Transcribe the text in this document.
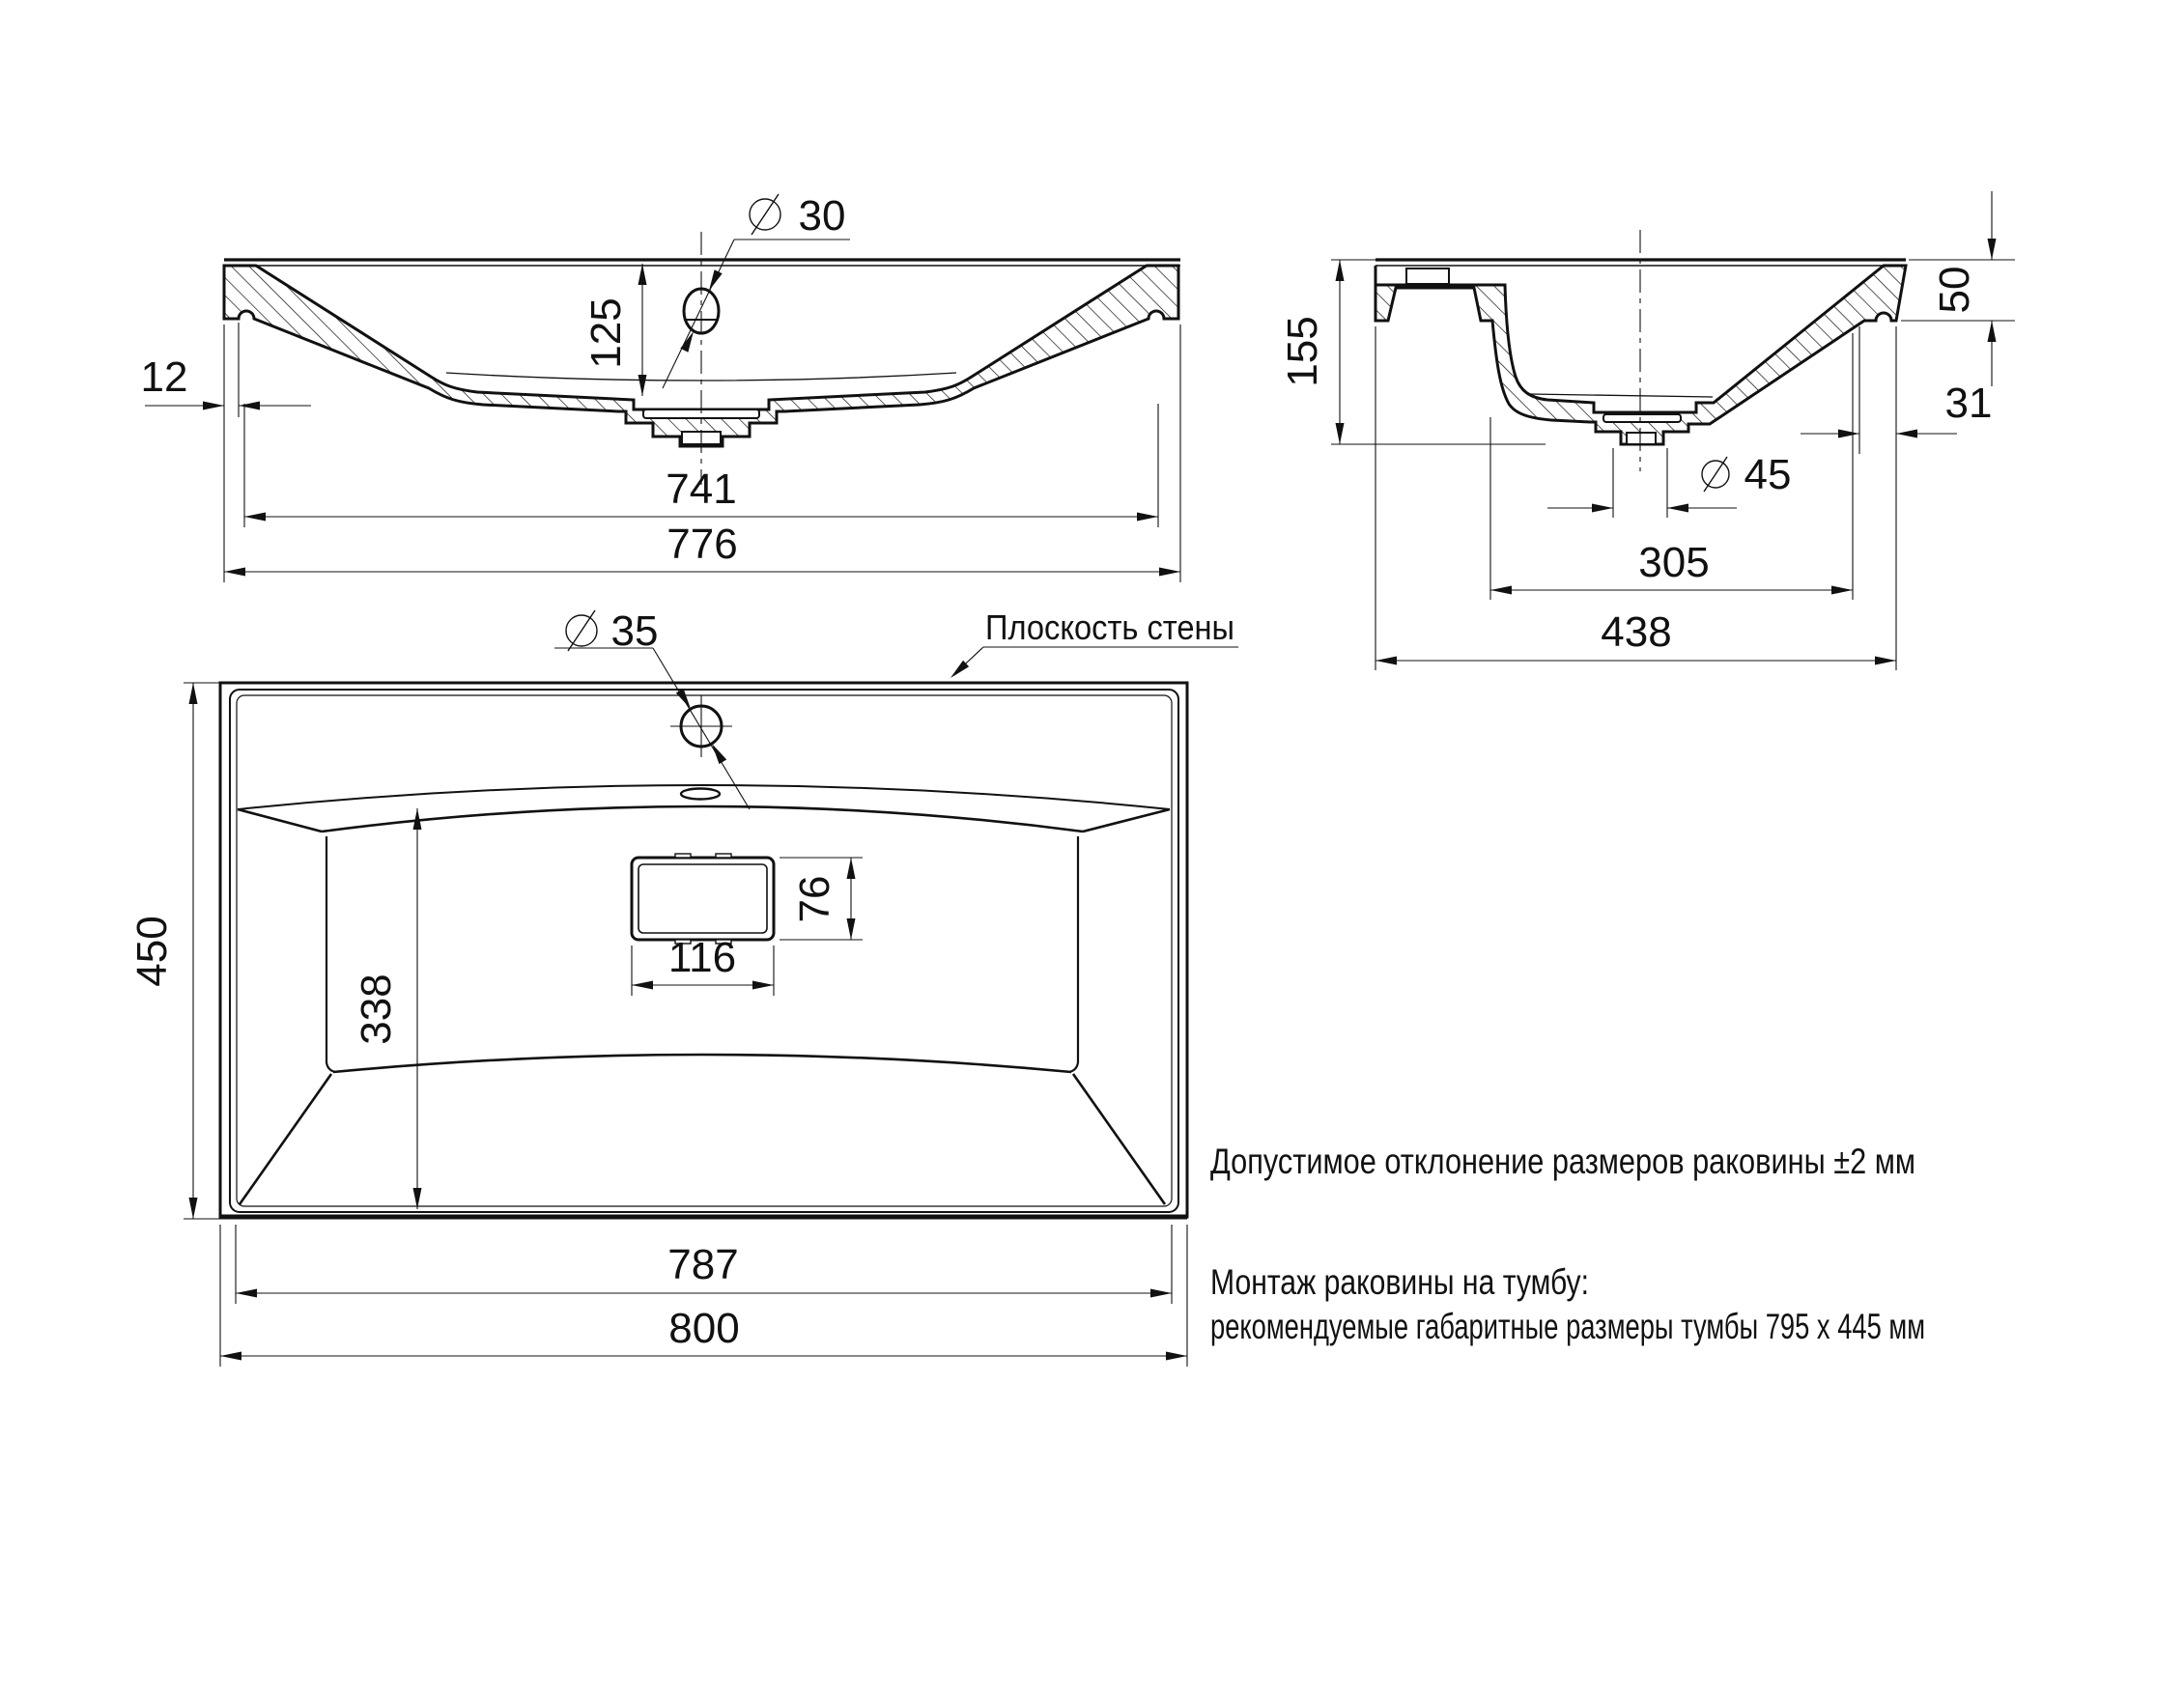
30
125
741
776
12	155
50
31
45
305
438
35	Плоскость стены
450
338
76
116
787
800
Допустимое отклонение размеров раковины ±2 мм
Монтаж раковины на тумбу:
рекомендуемые габаритные размеры тумбы 795 x 445 мм
